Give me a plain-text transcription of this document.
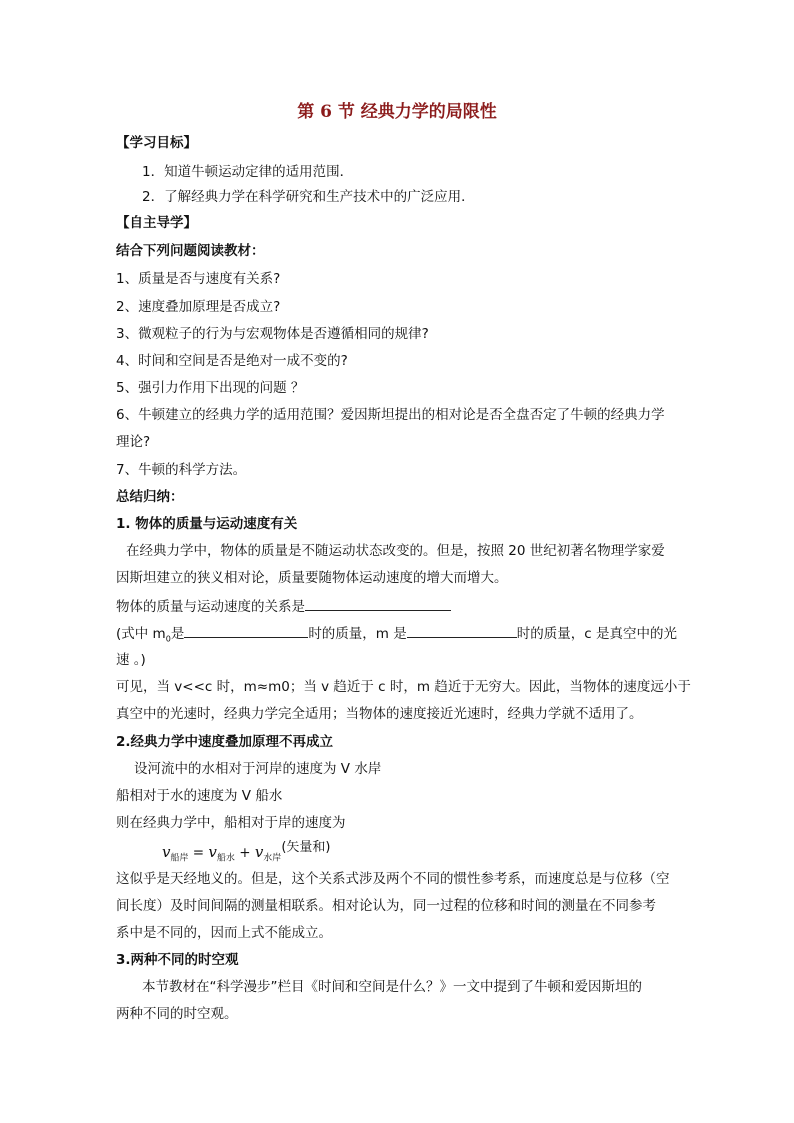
第 6 节 经典力学的局限性
【学习目标】
1．知道牛顿运动定律的适用范围．
2．了解经典力学在科学研究和生产技术中的广泛应用．
【自主导学】
结合下列问题阅读教材：
1、质量是否与速度有关系?
2、速度叠加原理是否成立?
3、微观粒子的行为与宏观物体是否遵循相同的规律?
4、时间和空间是否是绝对一成不变的?
5、强引力作用下出现的问题 ？
6、牛顿建立的经典力学的适用范围？爱因斯坦提出的相对论是否全盘否定了牛顿的经典力学
理论?
7、牛顿的科学方法。
总结归纳：
1. 物体的质量与运动速度有关
在经典力学中，物体的质量是不随运动状态改变的。但是，按照 20 世纪初著名物理学家爱
因斯坦建立的狭义相对论，质量要随物体运动速度的增大而增大。
物体的质量与运动速度的关系是
(式中 $m_0$是	时的质量，m 是	时的质量，c 是真空中的光
速 。)
可见，当 v<<c 时，m≈m0；当 v 趋近于 c 时，m 趋近于无穷大。因此，当物体的速度远小于
真空中的光速时，经典力学完全适用；当物体的速度接近光速时，经典力学就不适用了。
2.经典力学中速度叠加原理不再成立
设河流中的水相对于河岸的速度为 V 水岸
船相对于水的速度为 V 船水
则在经典力学中，船相对于岸的速度为
$v_{船岸} = v_{船水} + v_{水岸}$(矢量和)
这似乎是天经地义的。但是，这个关系式涉及两个不同的惯性参考系，而速度总是与位移（空
间长度）及时间间隔的测量相联系。相对论认为，同一过程的位移和时间的测量在不同参考
系中是不同的，因而上式不能成立。
3.两种不同的时空观
本节教材在“科学漫步”栏目《时间和空间是什么？》一文中提到了牛顿和爱因斯坦的
两种不同的时空观。
